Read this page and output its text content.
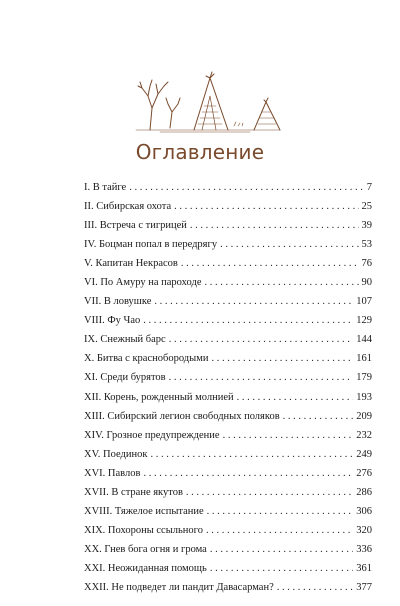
Оглавление
I. В тайге . . .	7
II. Сибирская охота . . .	25
III. Встреча с тигрицей . . .	39
IV. Боцман попал в передрягу . . .	53
V. Капитан Некрасов . . .	76
VI. По Амуру на пароходе . . .	90
VII. В ловушке . . .	107
VIII. Фу Чао . . .	129
IX. Снежный барс . . .	144
X. Битва с краснобородыми . . .	161
XI. Среди бурятов . . .	179
XII. Корень, рожденный молнией . . .	193
XIII. Сибирский легион свободных поляков . . .	209
XIV. Грозное предупреждение . . .	232
XV. Поединок . . .	249
XVI. Павлов . . .	276
XVII. В стране якутов . . .	286
XVIII. Тяжелое испытание . . .	306
XIX. Похороны ссыльного . . .	320
XX. Гнев бога огня и грома . . .	336
XXI. Неожиданная помощь . . .	361
XXII. Не подведет ли пандит Давасарман? . . .	377
